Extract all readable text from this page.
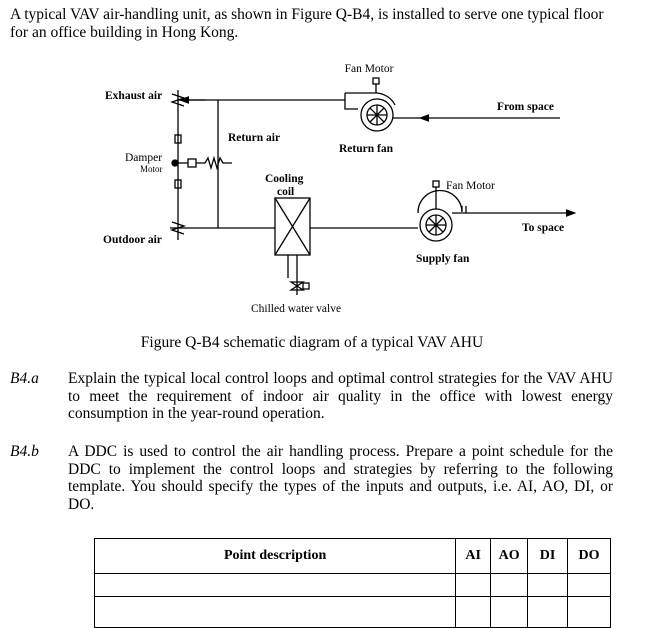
A typical VAV air-handling unit, as shown in Figure Q-B4, is installed to serve one typical floor for an office building in Hong Kong.
Fan Motor
Exhaust air
From space
Return air
Return fan
Damper
Motor
Cooling
coil	Fan Motor
Outdoor air
To space
Supply fan
Chilled water valve
Figure Q-B4 schematic diagram of a typical VAV AHU
B4.a Explain the typical local control loops and optimal control strategies for the VAV AHU to meet the requirement of indoor air quality in the office with lowest energy consumption in the year-round operation.
B4.b A DDC is used to control the air handling process. Prepare a point schedule for the DDC to implement the control loops and strategies by referring to the following template. You should specify the types of the inputs and outputs, i.e. AI, AO, DI, or DO.
Point description	AI	AO	DI	DO
